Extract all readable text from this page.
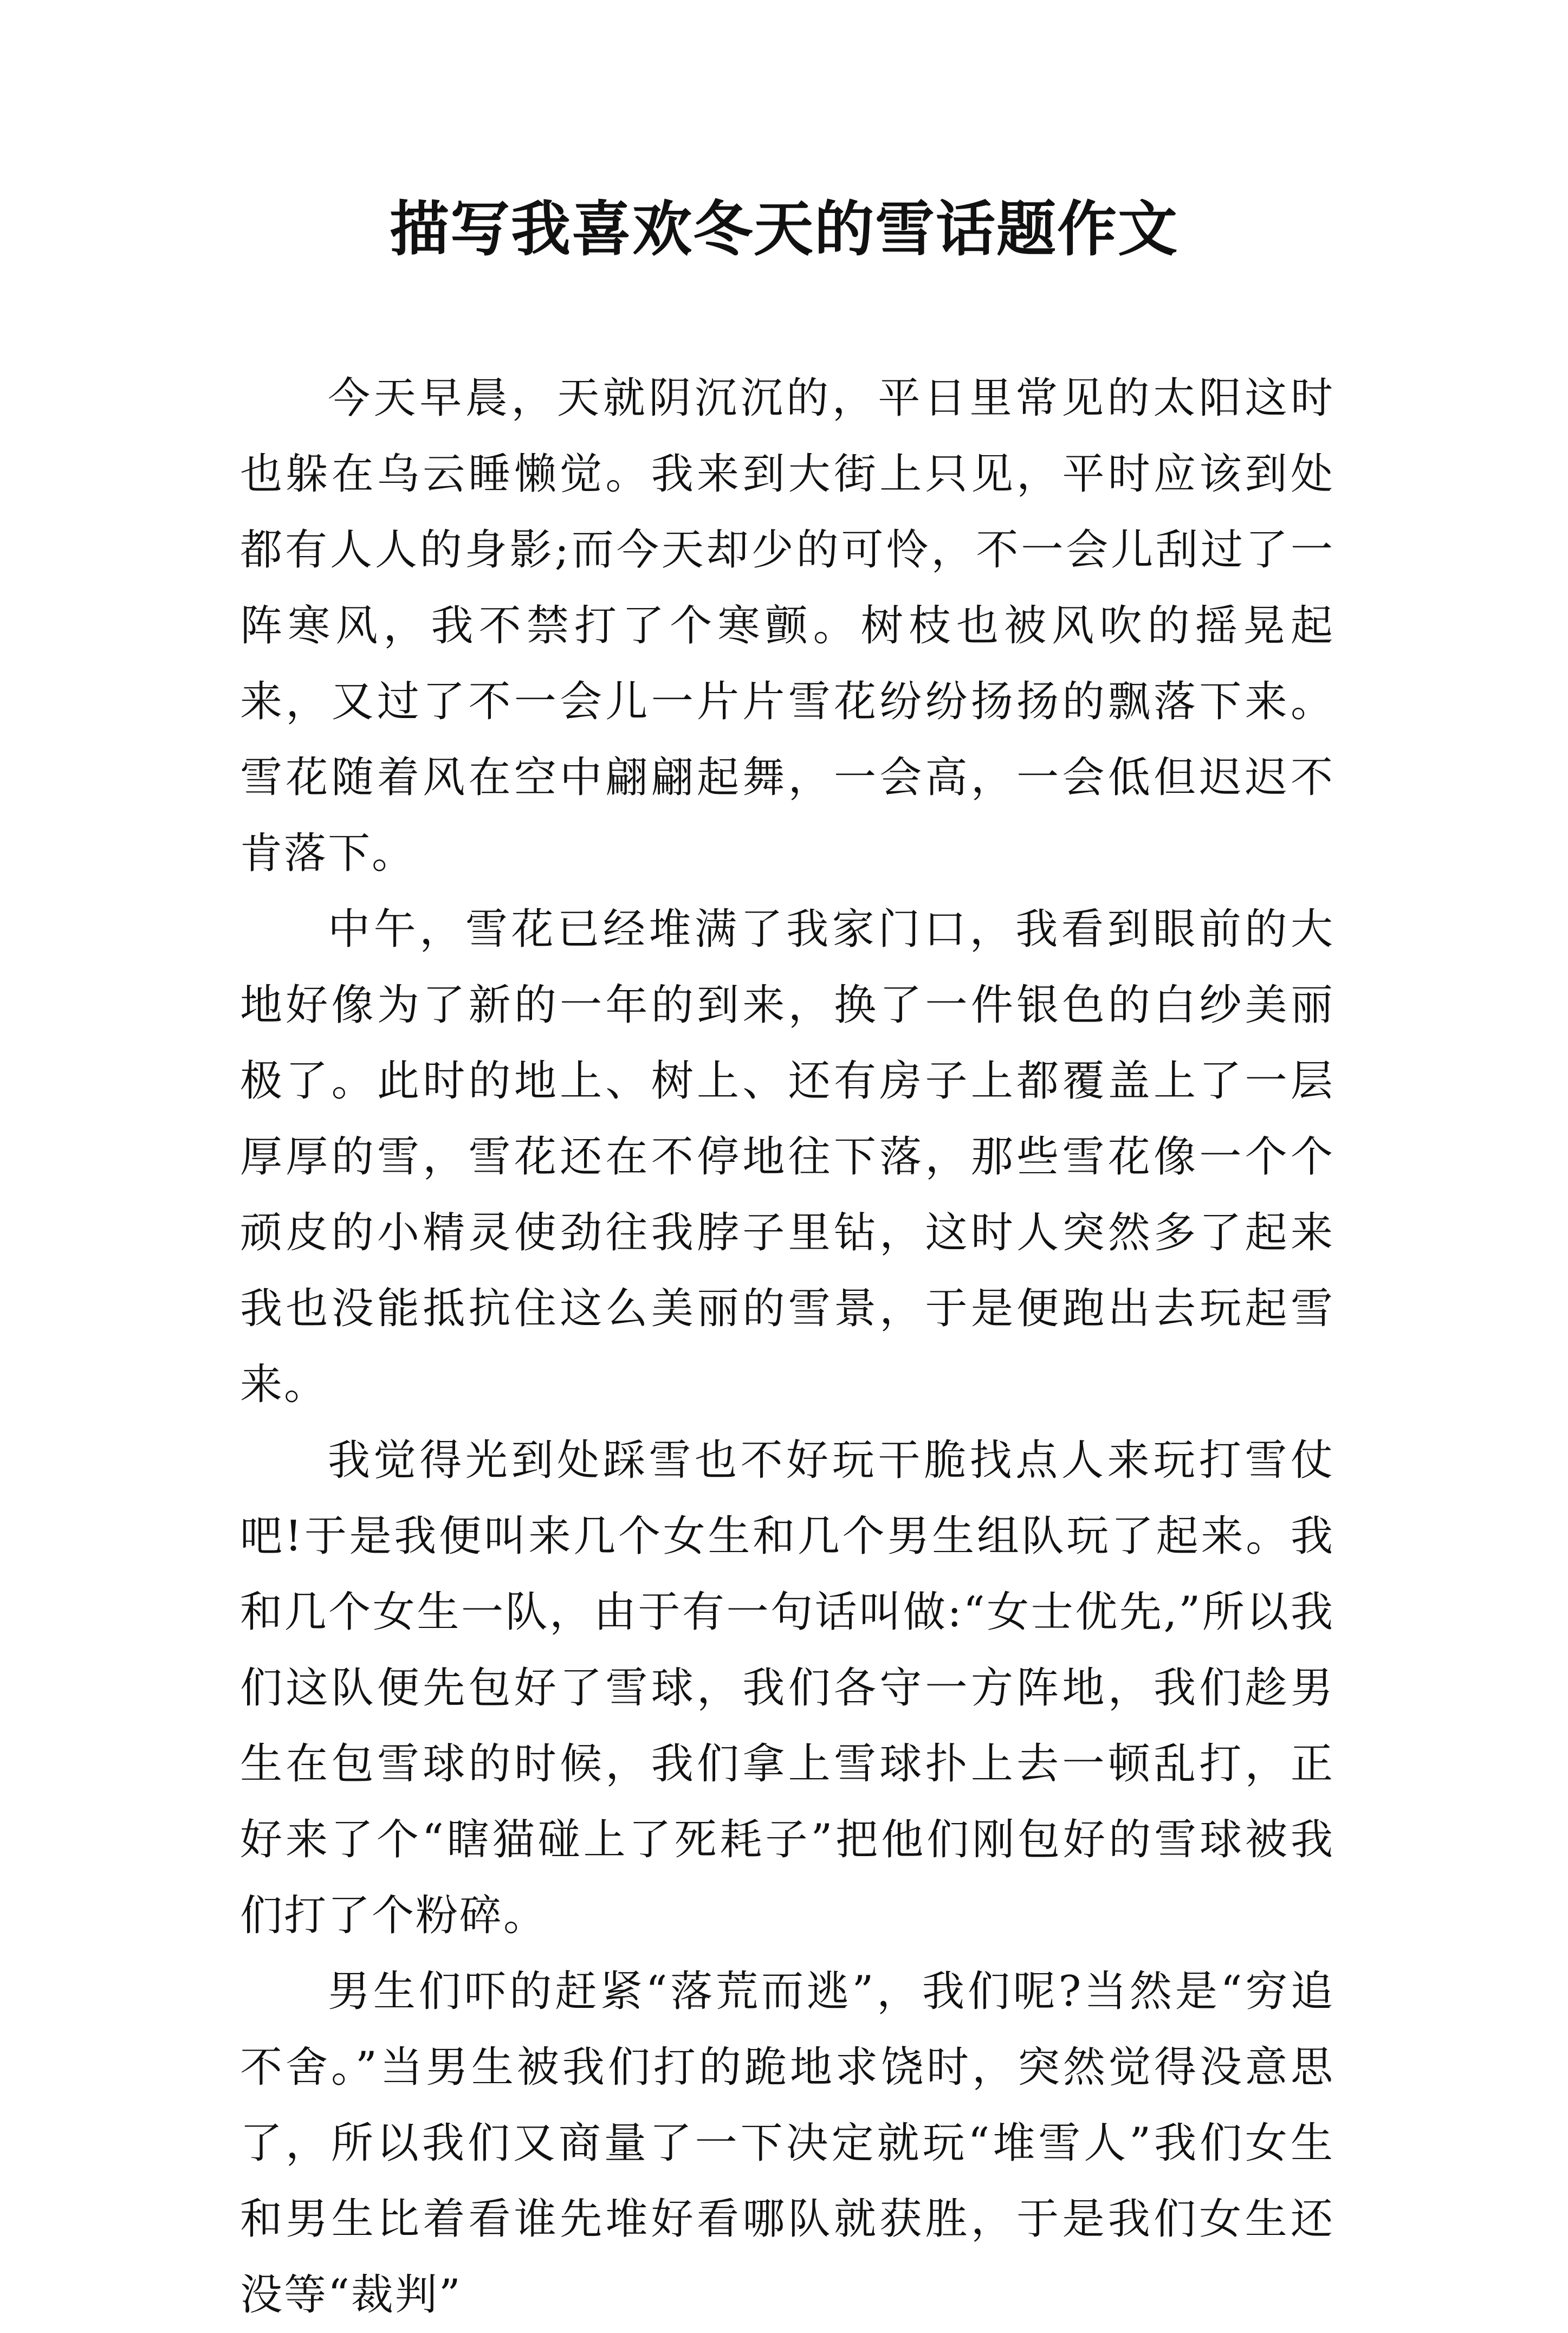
描写我喜欢冬天的雪话题作文

今天早晨，天就阴沉沉的，平日里常见的太阳这时也躲在乌云睡懒觉。我来到大街上只见，平时应该到处都有人人的身影;而今天却少的可怜，不一会儿刮过了一阵寒风，我不禁打了个寒颤。树枝也被风吹的摇晃起来，又过了不一会儿一片片雪花纷纷扬扬的飘落下来。雪花随着风在空中翩翩起舞，一会高，一会低但迟迟不肯落下。

中午，雪花已经堆满了我家门口，我看到眼前的大地好像为了新的一年的到来，换了一件银色的白纱美丽极了。此时的地上、树上、还有房子上都覆盖上了一层厚厚的雪，雪花还在不停地往下落，那些雪花像一个个顽皮的小精灵使劲往我脖子里钻，这时人突然多了起来我也没能抵抗住这么美丽的雪景，于是便跑出去玩起雪来。

我觉得光到处踩雪也不好玩干脆找点人来玩打雪仗吧!于是我便叫来几个女生和几个男生组队玩了起来。我和几个女生一队，由于有一句话叫做:“女士优先,”所以我们这队便先包好了雪球，我们各守一方阵地，我们趁男生在包雪球的时候，我们拿上雪球扑上去一顿乱打，正好来了个“瞎猫碰上了死耗子”把他们刚包好的雪球被我们打了个粉碎。

男生们吓的赶紧“落荒而逃”，我们呢?当然是“穷追不舍。”当男生被我们打的跪地求饶时，突然觉得没意思了，所以我们又商量了一下决定就玩“堆雪人”我们女生和男生比着看谁先堆好看哪队就获胜，于是我们女生还没等“裁判”
